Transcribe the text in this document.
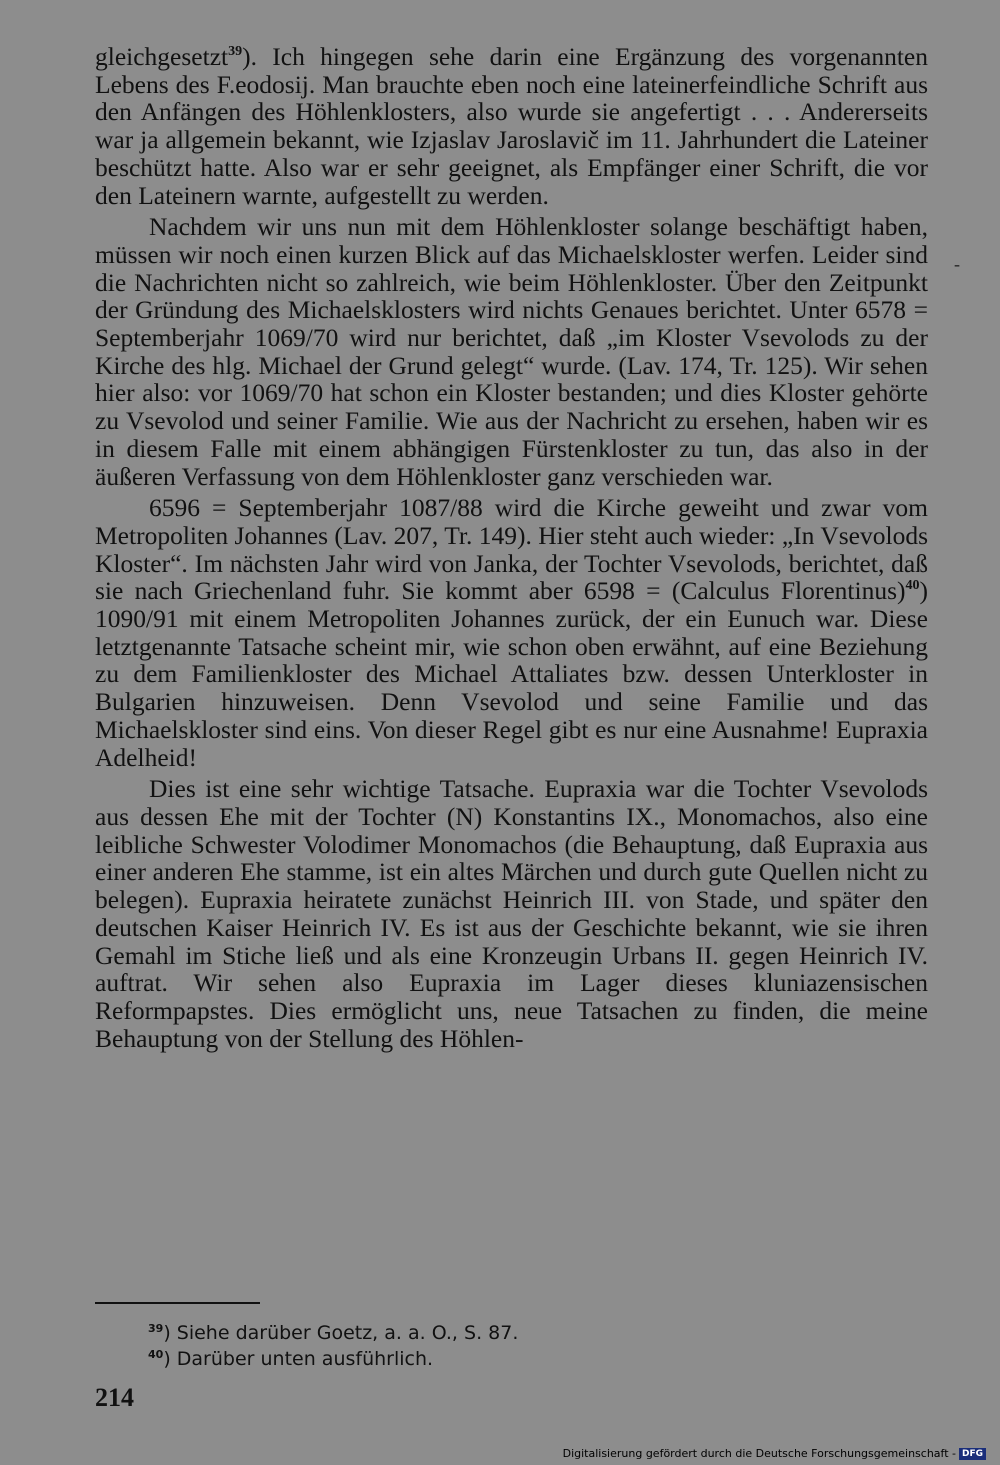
gleichgesetzt$^{39}$). Ich hingegen sehe darin eine Ergänzung des vorgenannten Lebens des F.eodosij. Man brauchte eben noch eine lateinerfeindliche Schrift aus den Anfängen des Höhlenklosters, also wurde sie angefertigt . . . Andererseits war ja allgemein bekannt, wie Izjaslav Jaroslavič im 11. Jahrhundert die Lateiner beschützt hatte. Also war er sehr geeignet, als Empfänger einer Schrift, die vor den Lateinern warnte, aufgestellt zu werden.

Nachdem wir uns nun mit dem Höhlenkloster solange beschäftigt haben, müssen wir noch einen kurzen Blick auf das Michaelskloster werfen. Leider sind die Nachrichten nicht so zahlreich, wie beim Höhlenkloster. Über den Zeitpunkt der Gründung des Michaelsklosters wird nichts Genaues berichtet. Unter 6578 = Septemberjahr 1069/70 wird nur berichtet, daß „im Kloster Vsevolods zu der Kirche des hlg. Michael der Grund gelegt“ wurde. (Lav. 174, Tr. 125). Wir sehen hier also: vor 1069/70 hat schon ein Kloster bestanden; und dies Kloster gehörte zu Vsevolod und seiner Familie. Wie aus der Nachricht zu ersehen, haben wir es in diesem Falle mit einem abhängigen Fürstenkloster zu tun, das also in der äußeren Verfassung von dem Höhlenkloster ganz verschieden war.

6596 = Septemberjahr 1087/88 wird die Kirche geweiht und zwar vom Metropoliten Johannes (Lav. 207, Tr. 149). Hier steht auch wieder: „In Vsevolods Kloster“. Im nächsten Jahr wird von Janka, der Tochter Vsevolods, berichtet, daß sie nach Griechenland fuhr. Sie kommt aber 6598 = (Calculus Florentinus)$^{40}$) 1090/91 mit einem Metropoliten Johannes zurück, der ein Eunuch war. Diese letztgenannte Tatsache scheint mir, wie schon oben erwähnt, auf eine Beziehung zu dem Familienkloster des Michael Attaliates bzw. dessen Unterkloster in Bulgarien hinzuweisen. Denn Vsevolod und seine Familie und das Michaelskloster sind eins. Von dieser Regel gibt es nur eine Ausnahme! Eupraxia Adelheid!

Dies ist eine sehr wichtige Tatsache. Eupraxia war die Tochter Vsevolods aus dessen Ehe mit der Tochter (N) Konstantins IX., Monomachos, also eine leibliche Schwester Volodimer Monomachos (die Behauptung, daß Eupraxia aus einer anderen Ehe stamme, ist ein altes Märchen und durch gute Quellen nicht zu belegen). Eupraxia heiratete zunächst Heinrich III. von Stade, und später den deutschen Kaiser Heinrich IV. Es ist aus der Geschichte bekannt, wie sie ihren Gemahl im Stiche ließ und als eine Kronzeugin Urbans II. gegen Heinrich IV. auftrat. Wir sehen also Eupraxia im Lager dieses kluniazensischen Reformpapstes. Dies ermöglicht uns, neue Tatsachen zu finden, die meine Behauptung von der Stellung des Höhlen-

-
$^{39}$) Siehe darüber Goetz, a. a. O., S. 87.
$^{40}$) Darüber unten ausführlich.
214
Digitalisierung gefördert durch die Deutsche Forschungsgemeinschaft - DFG
